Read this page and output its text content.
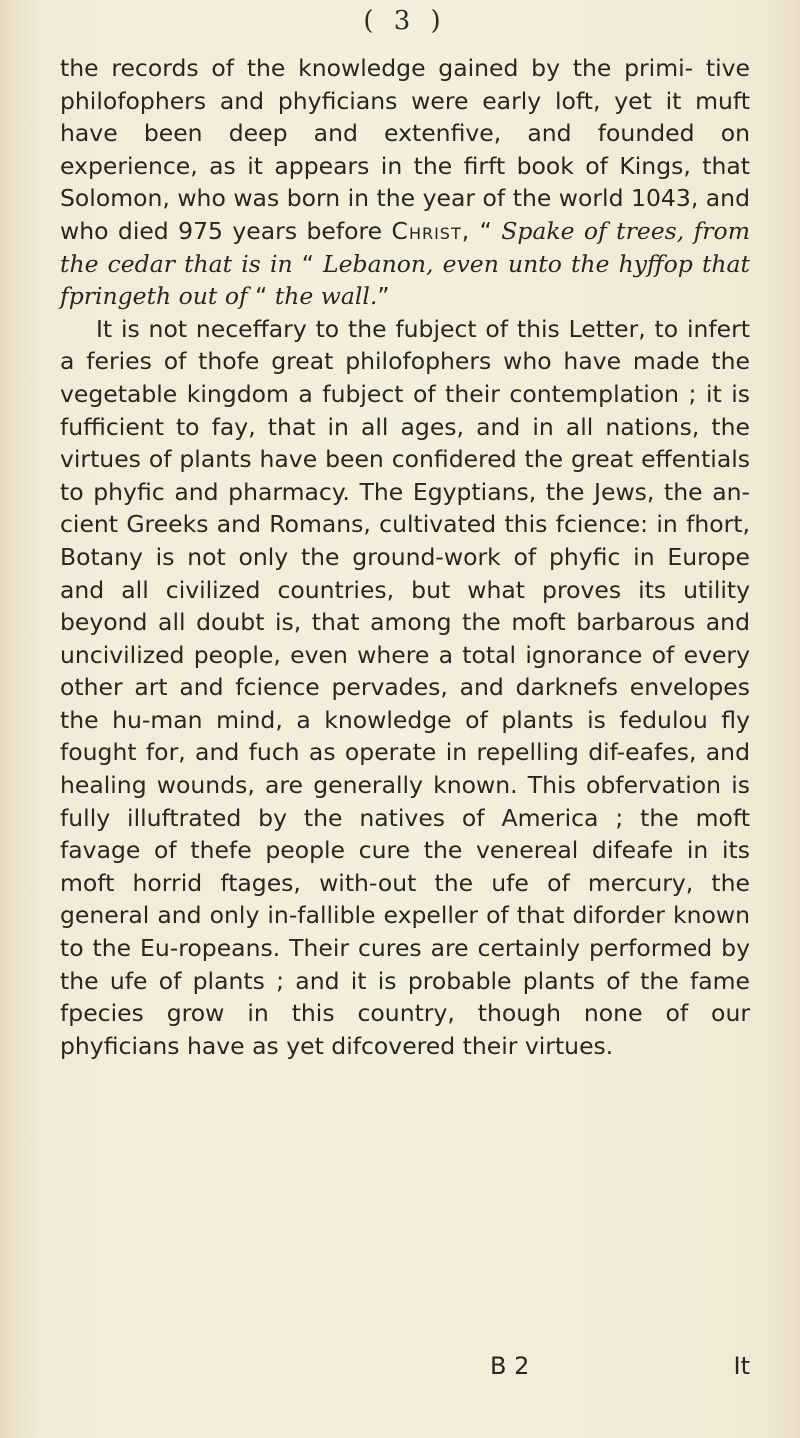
( 3 )

the records of the knowledge gained by the primi- tive philofophers and phyficians were early loft, yet it muft have been deep and extenfive, and founded on experience, as it appears in the firft book of Kings, that Solomon, who was born in the year of the world 1043, and who died 975 years before Christ, “ Spake of trees, from the cedar that is in “ Lebanon, even unto the hyffop that fpringeth out of “ the wall.”

It is not neceffary to the fubject of this Letter, to infert a feries of thofe great philofophers who have made the vegetable kingdom a fubject of their contemplation ; it is fufficient to fay, that in all ages, and in all nations, the virtues of plants have been confidered the great effentials to phyfic and pharmacy. The Egyptians, the Jews, the an-cient Greeks and Romans, cultivated this fcience: in fhort, Botany is not only the ground-work of phyfic in Europe and all civilized countries, but what proves its utility beyond all doubt is, that among the moft barbarous and uncivilized people, even where a total ignorance of every other art and fcience pervades, and darknefs envelopes the hu-man mind, a knowledge of plants is fedulou fly fought for, and fuch as operate in repelling dif-eafes, and healing wounds, are generally known. This obfervation is fully illuftrated by the natives of America ; the moft favage of thefe people cure the venereal difeafe in its moft horrid ftages, with-out the ufe of mercury, the general and only in-fallible expeller of that diforder known to the Eu-ropeans. Their cures are certainly performed by the ufe of plants ; and it is probable plants of the fame fpecies grow in this country, though none of our phyficians have as yet difcovered their virtues.

B 2	It
